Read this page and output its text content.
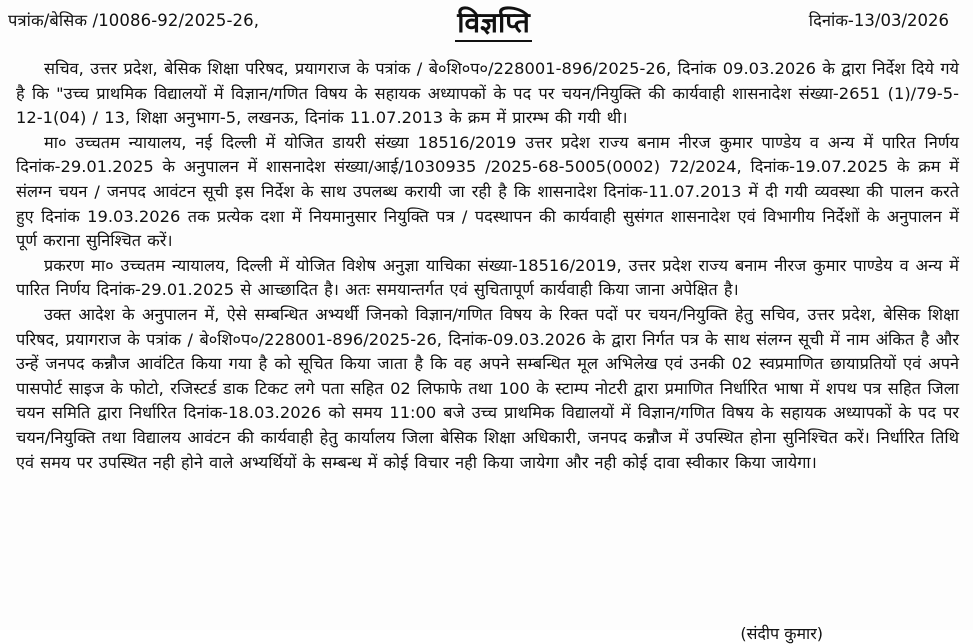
पत्रांक/बेसिक /10086-92/2025-26,	विज्ञप्ति	दिनांक-13/03/2026

सचिव, उत्तर प्रदेश, बेसिक शिक्षा परिषद, प्रयागराज के पत्रांक / बे०शि०प०/228001-896/2025-26, दिनांक 09.03.2026 के द्वारा निर्देश दिये गये है कि "उच्च प्राथमिक विद्यालयों में विज्ञान/गणित विषय के सहायक अध्यापकों के पद पर चयन/नियुक्ति की कार्यवाही शासनादेश संख्या-2651 (1)/79-5-12-1(04) / 13, शिक्षा अनुभाग-5, लखनऊ, दिनांक 11.07.2013 के क्रम में प्रारम्भ की गयी थी।

मा० उच्चतम न्यायालय, नई दिल्ली में योजित डायरी संख्या 18516/2019 उत्तर प्रदेश राज्य बनाम नीरज कुमार पाण्डेय व अन्य में पारित निर्णय दिनांक-29.01.2025 के अनुपालन में शासनादेश संख्या/आई/1030935 /2025-68-5005(0002) 72/2024, दिनांक-19.07.2025 के क्रम में संलग्न चयन / जनपद आवंटन सूची इस निर्देश के साथ उपलब्ध करायी जा रही है कि शासनादेश दिनांक-11.07.2013 में दी गयी व्यवस्था की पालन करते हुए दिनांक 19.03.2026 तक प्रत्येक दशा में नियमानुसार नियुक्ति पत्र / पदस्थापन की कार्यवाही सुसंगत शासनादेश एवं विभागीय निर्देशों के अनुपालन में पूर्ण कराना सुनिश्चित करें।

प्रकरण मा० उच्चतम न्यायालय, दिल्ली में योजित विशेष अनुज्ञा याचिका संख्या-18516/2019, उत्तर प्रदेश राज्य बनाम नीरज कुमार पाण्डेय व अन्य में पारित निर्णय दिनांक-29.01.2025 से आच्छादित है। अतः समयान्तर्गत एवं सुचितापूर्ण कार्यवाही किया जाना अपेक्षित है।

उक्त आदेश के अनुपालन में, ऐसे सम्बन्धित अभ्यर्थी जिनको विज्ञान/गणित विषय के रिक्त पदों पर चयन/नियुक्ति हेतु सचिव, उत्तर प्रदेश, बेसिक शिक्षा परिषद, प्रयागराज के पत्रांक / बे०शि०प०/228001-896/2025-26, दिनांक-09.03.2026 के द्वारा निर्गत पत्र के साथ संलग्न सूची में नाम अंकित है और उन्हें जनपद कन्नौज आवंटित किया गया है को सूचित किया जाता है कि वह अपने सम्बन्धित मूल अभिलेख एवं उनकी 02 स्वप्रमाणित छायाप्रतियों एवं अपने पासपोर्ट साइज के फोटो, रजिस्टर्ड डाक टिकट लगे पता सहित 02 लिफाफे तथा 100 के स्टाम्प नोटरी द्वारा प्रमाणित निर्धारित भाषा में शपथ पत्र सहित जिला चयन समिति द्वारा निर्धारित दिनांक-18.03.2026 को समय 11:00 बजे उच्च प्राथमिक विद्यालयों में विज्ञान/गणित विषय के सहायक अध्यापकों के पद पर चयन/नियुक्ति तथा विद्यालय आवंटन की कार्यवाही हेतु कार्यालय जिला बेसिक शिक्षा अधिकारी, जनपद कन्नौज में उपस्थित होना सुनिश्चित करें। निर्धारित तिथि एवं समय पर उपस्थित नही होने वाले अभ्यर्थियों के सम्बन्ध में कोई विचार नही किया जायेगा और नही कोई दावा स्वीकार किया जायेगा।

(संदीप कुमार)
